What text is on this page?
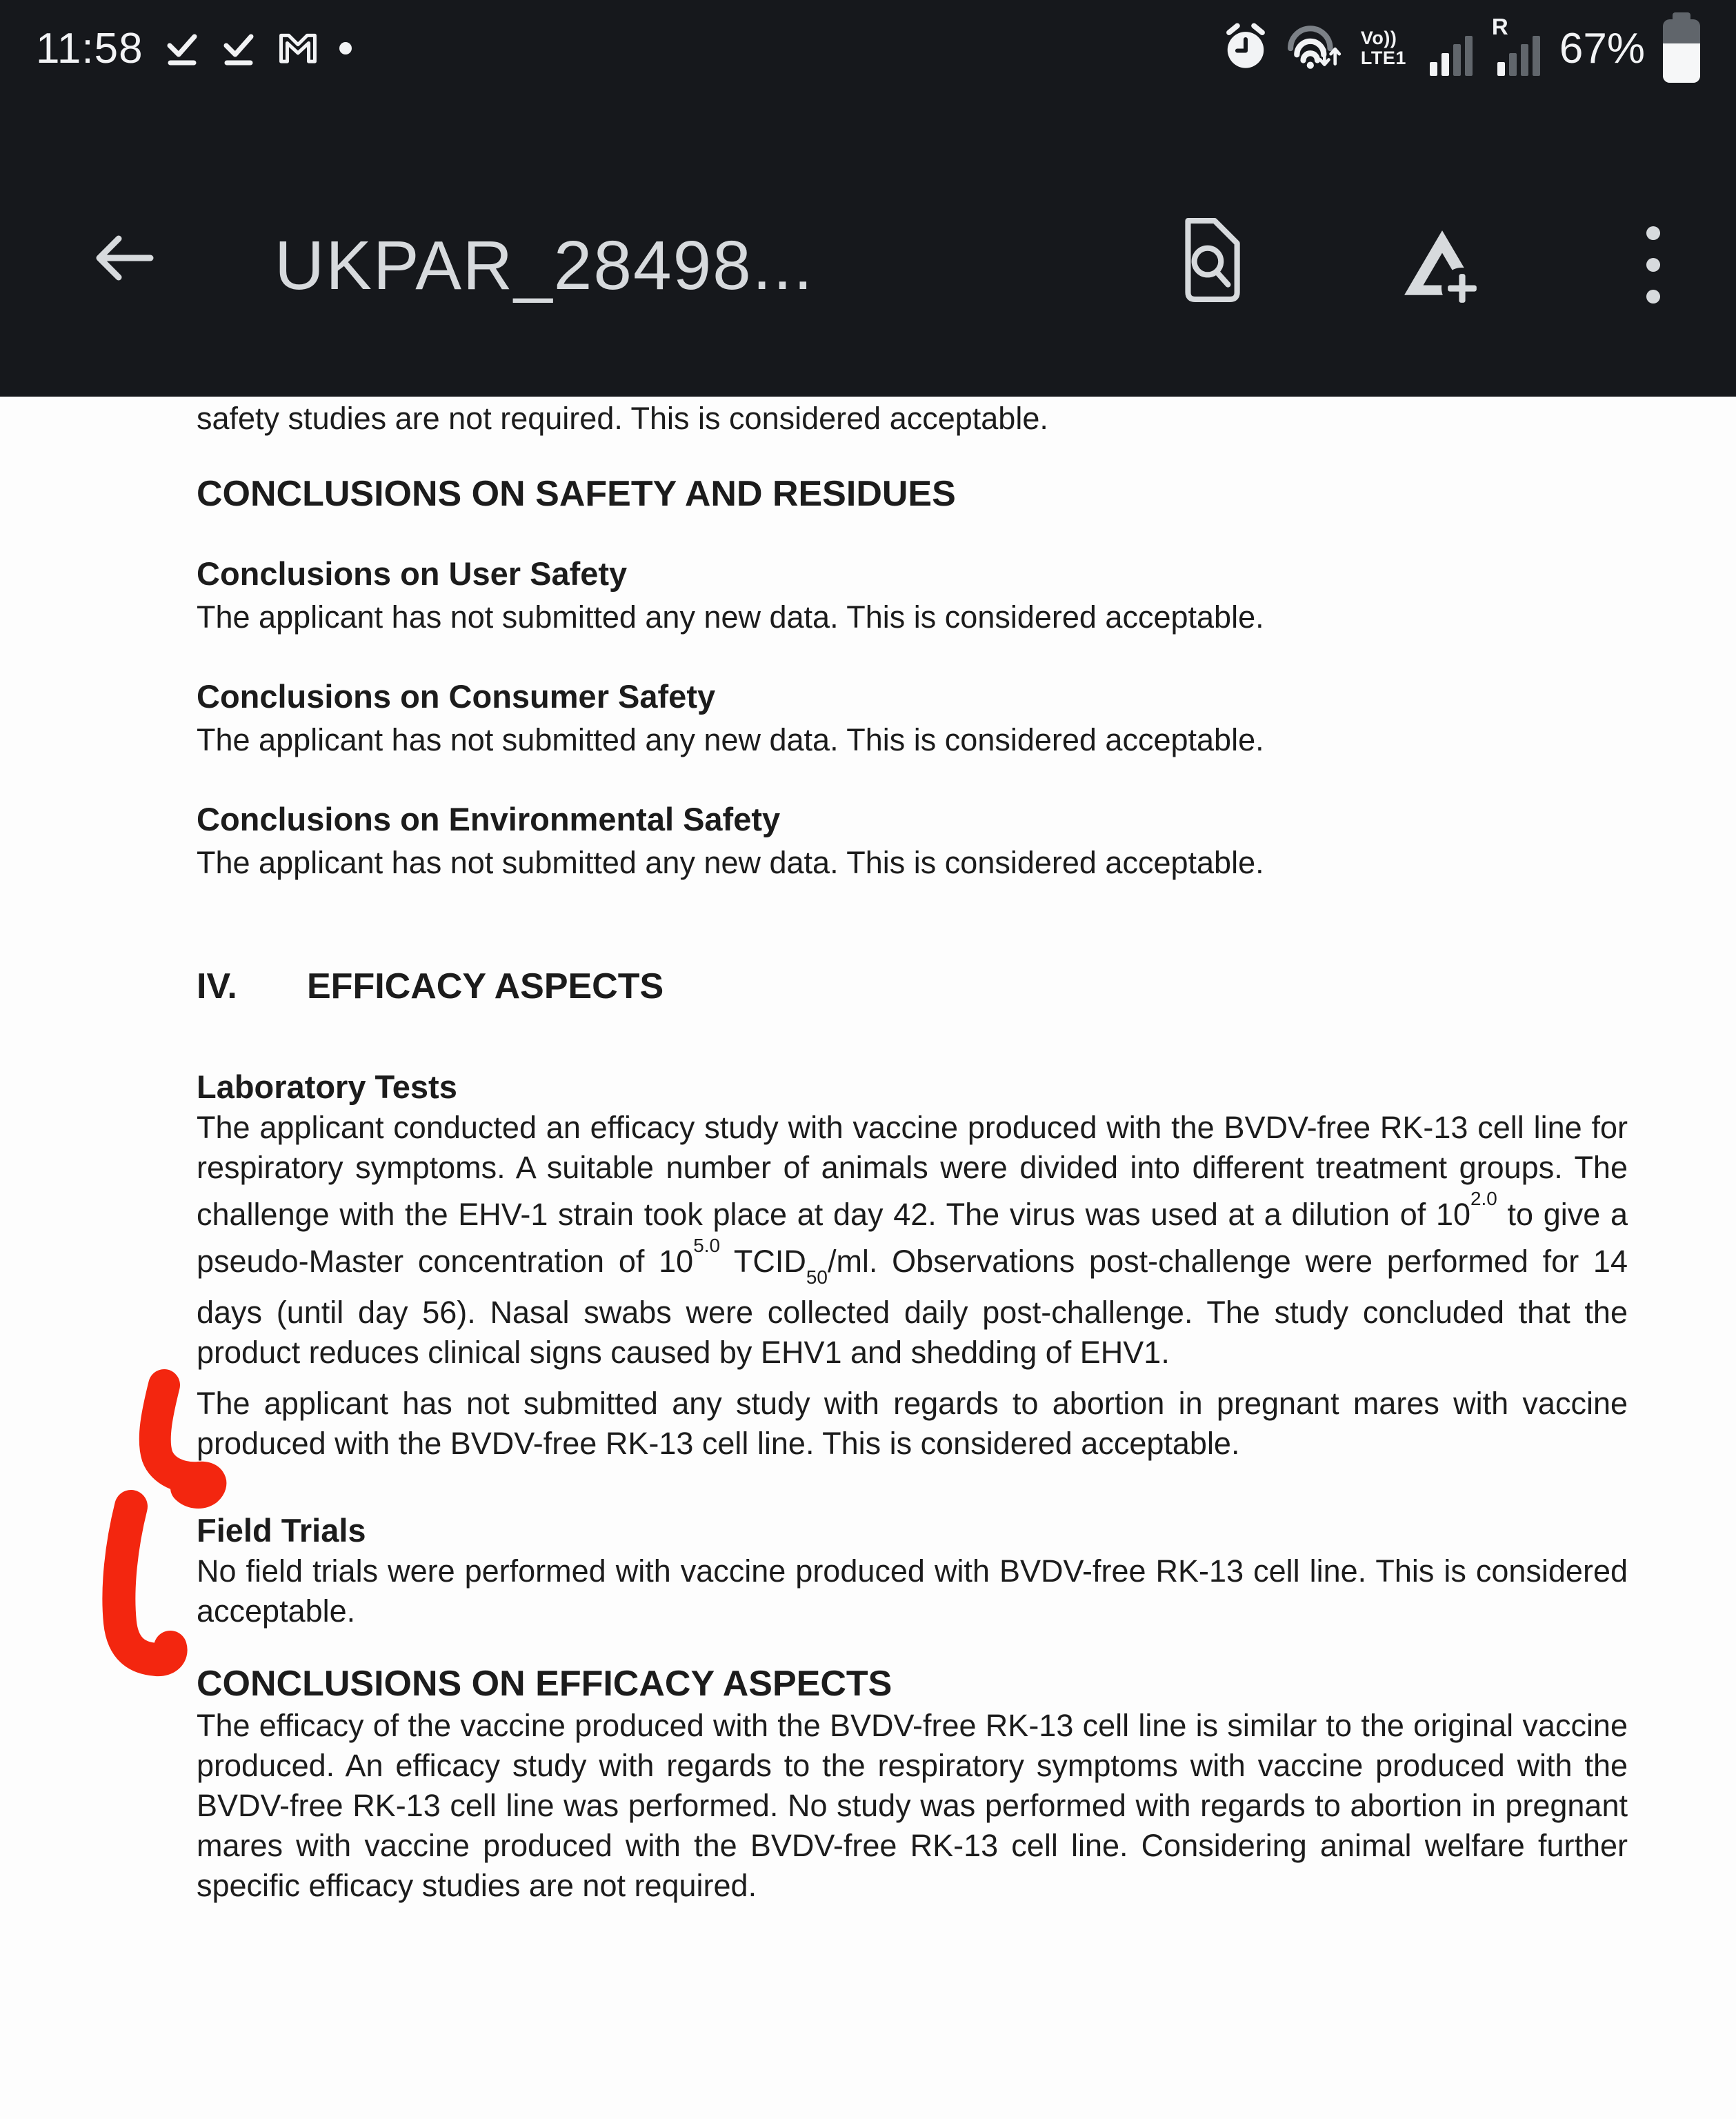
11:58	Vo))
LTE1
R 67%
UKPAR_28498...
safety studies are not required. This is considered acceptable.
CONCLUSIONS ON SAFETY AND RESIDUES
Conclusions on User Safety
The applicant has not submitted any new data. This is considered acceptable.
Conclusions on Consumer Safety
The applicant has not submitted any new data. This is considered acceptable.
Conclusions on Environmental Safety
The applicant has not submitted any new data. This is considered acceptable.
IV.	EFFICACY ASPECTS
Laboratory Tests
The applicant conducted an efficacy study with vaccine produced with the BVDV-free RK-13 cell line for respiratory symptoms. A suitable number of animals were divided into different treatment groups. The challenge with the EHV-1 strain took place at day 42. The virus was used at a dilution of $10^{2.0}$ to give a pseudo-Master concentration of $10^{5.0}$ $TCID_{50}/ml$. Observations post-challenge were performed for 14 days (until day 56). Nasal swabs were collected daily post-challenge. The study concluded that the product reduces clinical signs caused by EHV1 and shedding of EHV1.
The applicant has not submitted any study with regards to abortion in pregnant mares with vaccine produced with the BVDV-free RK-13 cell line. This is considered acceptable.
Field Trials
No field trials were performed with vaccine produced with BVDV-free RK-13 cell line. This is considered acceptable.
CONCLUSIONS ON EFFICACY ASPECTS
The efficacy of the vaccine produced with the BVDV-free RK-13 cell line is similar to the original vaccine produced. An efficacy study with regards to the respiratory symptoms with vaccine produced with the BVDV-free RK-13 cell line was performed. No study was performed with regards to abortion in pregnant mares with vaccine produced with the BVDV-free RK-13 cell line. Considering animal welfare further specific efficacy studies are not required.
